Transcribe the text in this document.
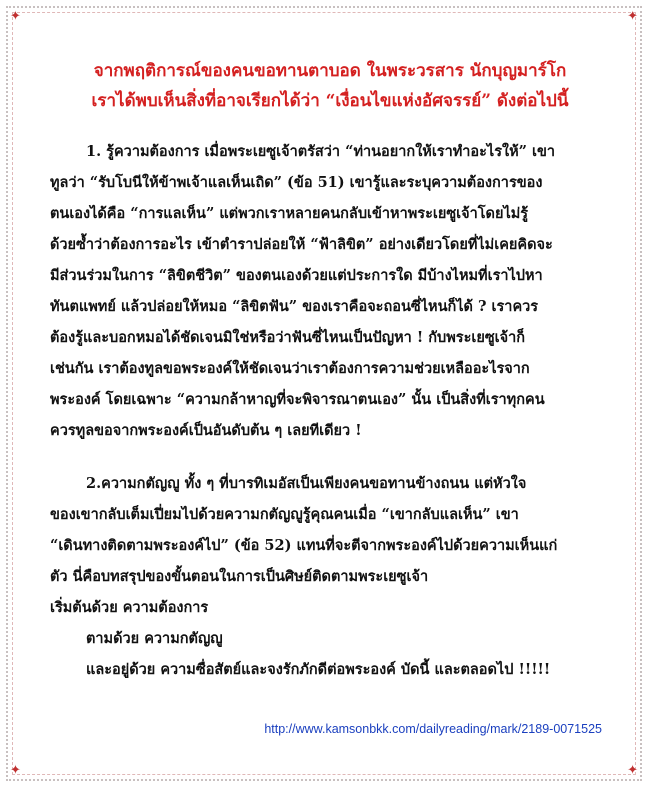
✦	✦
✦	✦
จากพฤติการณ์ของคนขอทานตาบอด ในพระวรสาร นักบุญมาร์โก
เราได้พบเห็นสิ่งที่อาจเรียกได้ว่า “เงื่อนไขแห่งอัศจรรย์” ดังต่อไปนี้

1. รู้ความต้องการ เมื่อพระเยซูเจ้าตรัสว่า “ท่านอยากให้เราทำอะไรให้” เขา
ทูลว่า “รับโบนีให้ข้าพเจ้าแลเห็นเถิด” (ข้อ 51) เขารู้และระบุความต้องการของ
ตนเองได้คือ “การแลเห็น” แต่พวกเราหลายคนกลับเข้าหาพระเยซูเจ้าโดยไม่รู้
ด้วยซ้ำว่าต้องการอะไร เข้าตำราปล่อยให้ “ฟ้าลิขิต” อย่างเดียวโดยที่ไม่เคยคิดจะ
มีส่วนร่วมในการ “ลิขิตชีวิต” ของตนเองด้วยแต่ประการใด มีบ้างไหมที่เราไปหา
ทันตแพทย์ แล้วปล่อยให้หมอ “ลิขิตฟัน” ของเราคือจะถอนซี่ไหนก็ได้ ? เราควร
ต้องรู้และบอกหมอได้ชัดเจนมิใช่หรือว่าฟันซี่ไหนเป็นปัญหา ! กับพระเยซูเจ้าก็
เช่นกัน เราต้องทูลขอพระองค์ให้ชัดเจนว่าเราต้องการความช่วยเหลืออะไรจาก
พระองค์ โดยเฉพาะ “ความกล้าหาญที่จะพิจารณาตนเอง” นั้น เป็นสิ่งที่เราทุกคน
ควรทูลขอจากพระองค์เป็นอันดับต้น ๆ เลยทีเดียว !

2.ความกตัญญู ทั้ง ๆ ที่บารทิเมอัสเป็นเพียงคนขอทานข้างถนน แต่หัวใจ
ของเขากลับเต็มเปี่ยมไปด้วยความกตัญญูรู้คุณคนเมื่อ “เขากลับแลเห็น” เขา
“เดินทางติดตามพระองค์ไป” (ข้อ 52) แทนที่จะตีจากพระองค์ไปด้วยความเห็นแก่
ตัว นี่คือบทสรุปของขั้นตอนในการเป็นศิษย์ติดตามพระเยซูเจ้า
เริ่มต้นด้วย ความต้องการ
ตามด้วย ความกตัญญู
และอยู่ด้วย ความซื่อสัตย์และจงรักภักดีต่อพระองค์ บัดนี้ และตลอดไป !!!!!

http://www.kamsonbkk.com/dailyreading/mark/2189-0071525
